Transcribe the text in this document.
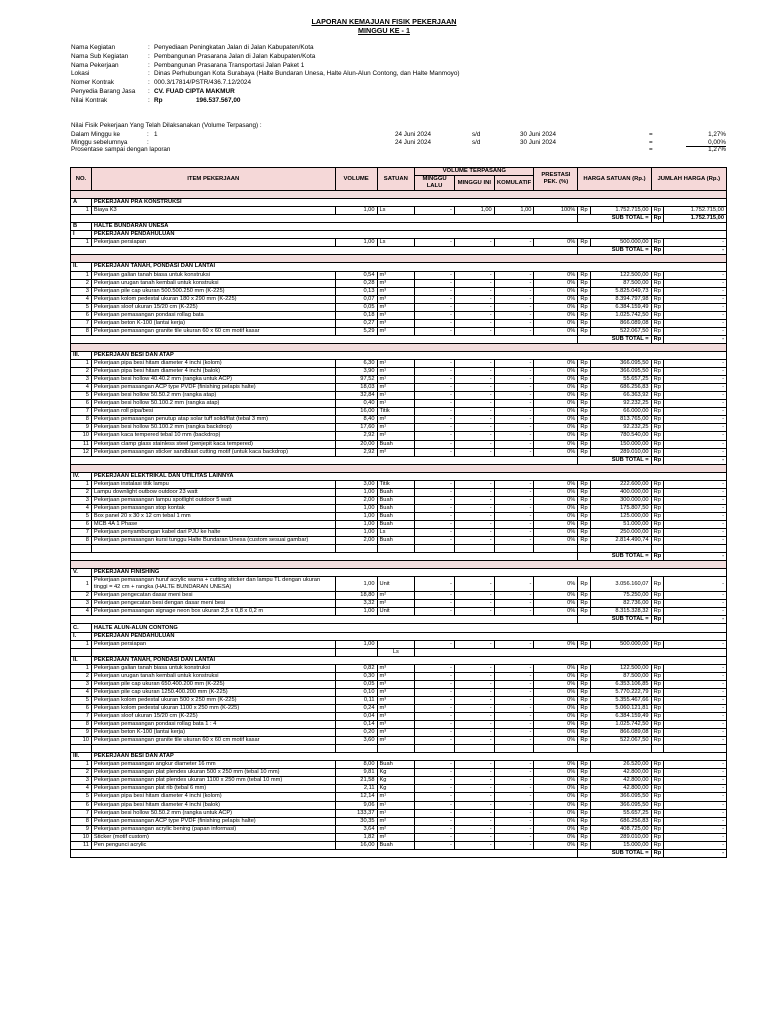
LAPORAN KEMAJUAN FISIK PEKERJAAN
MINGGU KE - 1
Nama Kegiatan	: Penyediaan Peningkatan Jalan di Jalan Kabupaten/Kota
Nama Sub Kegiatan	: Pembangunan Prasarana Jalan di Jalan Kabupaten/Kota
Nama Pekerjaan	: Pembangunan Prasarana Transportasi Jalan Paket 1
Lokasi	: Dinas Perhubungan Kota Surabaya (Halte Bundaran Unesa, Halte Alun-Alun Contong, dan Halte Manmoyo)
Nomer Kontrak	: 000.3/17814/PSTR/436.7.12/2024
Penyedia Barang Jasa : CV. FUAD CIPTA MAKMUR
Nilai Kontrak	: Rp	196.537.567,00
Nilai Fisik Pekerjaan Yang Telah Dilaksanakan (Volume Terpasang) :
Dalam Minggu ke	: 1	24 Juni 2024	s/d	30 Juni 2024	=	1,27%
Minggu sebelumnya	:	24 Juni 2024	s/d	30 Juni 2024	=	0,00%
Prosentase sampai dengan laporan	=	1,27%
NO.	ITEM PEKERJAAN	VOLUME	SATUAN	VOLUME TERPASANG			PRESTASI PEK. (%)	HARGA SATUAN (Rp.)		JUMLAH HARGA (Rp.)	
				MINGGU LALU	MINGGU INI	KOMULATIF					

A	PEKERJAAN PRA KONSTRUKSI										
1	Biaya K3	1,00	Ls	-	1,00	1,00	100%	Rp	1.752.715,00	Rp	1.752.715,00
								SUB TOTAL =		Rp	1.752.715,00
B	HALTE BUNDARAN UNESA										
I	PEKERJAAN PENDAHULUAN										
1	Pekerjaan persiapan	1,00	Ls	-	-	-	0%	Rp	500.000,00	Rp	-
								SUB TOTAL =		Rp	-

II.	PEKERJAAN TANAH, PONDASI DAN LANTAI										
1	Pekerjaan galian tanah biasa untuk konstruksi	0,54	m³	-	-	-	0%	Rp	122.500,00	Rp	-
2	Pekerjaan urugan tanah kembali untuk konstruksi	0,28	m³	-	-	-	0%	Rp	87.500,00	Rp	-
3	Pekerjaan pile cap ukuran 500.500.250 mm (K-225)	0,13	m³	-	-	-	0%	Rp	5.825.049,73	Rp	-
4	Pekerjaan kolom pedestal ukuran 180 x 290 mm (K-225)	0,07	m³	-	-	-	0%	Rp	8.394.797,98	Rp	-
5	Pekerjaan sloof ukuran 15/20 cm (K-225)	0,05	m³	-	-	-	0%	Rp	6.384.159,49	Rp	-
6	Pekerjaan pemasangan pondasi rollag bata	0,18	m³	-	-	-	0%	Rp	1.025.742,50	Rp	-
7	Pekerjaan beton K-100 (lantai kerja)	0,27	m³	-	-	-	0%	Rp	866.089,08	Rp	-
8	Pekerjaan pemasangan granite tile ukuran 60 x 60 cm motif kasar	5,29	m²	-	-	-	0%	Rp	522.067,50	Rp	-
								SUB TOTAL =		Rp	-

III.	PEKERJAAN BESI DAN ATAP										
1	Pekerjaan pipa besi hitam diameter 4 inchi (kolom)	6,30	m¹	-	-	-	0%	Rp	366.095,50	Rp	-
2	Pekerjaan pipa besi hitam diameter 4 inchi (balok)	3,90	m¹	-	-	-	0%	Rp	366.095,50	Rp	-
3	Pekerjaan besi hollow 40.40.2 mm (rangka untuk ACP)	97,52	m¹	-	-	-	0%	Rp	55.657,25	Rp	-
4	Pekerjaan pemasangan ACP type PVDF (finishing pelapis halte)	18,03	m²	-	-	-	0%	Rp	686.256,83	Rp	-
5	Pekerjaan besi hollow 50.50.2 mm (rangka atap)	32,84	m¹	-	-	-	0%	Rp	66.363,92	Rp	-
6	Pekerjaan besi hollow 50.100.2 mm (rangka atap)	0,40	m¹	-	-	-	0%	Rp	92.232,25	Rp	-
7	Pekerjaan roll pipa/besi	16,00	Titik	-	-	-	0%	Rp	66.000,00	Rp	-
8	Pekerjaan pemasangan penutup atap solar tuff solid/flat (tebal 3 mm)	8,40	m²	-	-	-	0%	Rp	813.765,00	Rp	-
9	Pekerjaan besi hollow 50.100.2 mm (rangka backdrop)	17,60	m¹	-	-	-	0%	Rp	92.232,25	Rp	-
10	Pekerjaan kaca tempered tebal 10 mm (backdrop)	2,92	m²	-	-	-	0%	Rp	780.540,00	Rp	-
11	Pekerjaan clamp glass stainless steel (penjepit kaca tempered)	20,00	Buah	-	-	-	0%	Rp	150.000,00	Rp	-
12	Pekerjaan pemasangan sticker sandblast cutting motif (untuk kaca backdrop)	2,92	m²	-	-	-	0%	Rp	289.010,00	Rp	-
								SUB TOTAL =		Rp	-

IV.	PEKERJAAN ELEKTRIKAL DAN UTILITAS LAINNYA										
1	Pekerjaan instalasi titik lampu	3,00	Titik	-	-	-	0%	Rp	222.600,00	Rp	-
2	Lampu downlight outbow outdoor 23 watt	1,00	Buah	-	-	-	0%	Rp	400.000,00	Rp	-
3	Pekerjaan pemasangan lampu spotlight outdoor 5 watt	2,00	Buah	-	-	-	0%	Rp	300.000,00	Rp	-
4	Pekerjaan pemasangan stop kontak	1,00	Buah	-	-	-	0%	Rp	175.807,50	Rp	-
5	Box panel 20 x 30 x 12 cm tebal 1 mm	1,00	Buah	-	-	-	0%	Rp	125.000,00	Rp	-
6	MCB 4A 1 Phase	1,00	Buah	-	-	-	0%	Rp	51.000,00	Rp	-
7	Pekerjaan penyambungan kabel dari PJU ke halte	1,00	Ls	-	-	-	0%	Rp	250.000,00	Rp	-
8	Pekerjaan pemasangan kursi tunggu Halte Bundaran Unesa (custom sesuai gambar)	2,00	Buah	-	-	-	0%	Rp	2.814.490,74	Rp	-

								SUB TOTAL =		Rp	-

V.	PEKERJAAN FINISHING										
1	Pekerjaan pemasangan huruf acrylic warna + cutting sticker dan lampu TL dengan ukuran tinggi = 42 cm + rangka (HALTE BUNDARAN UNESA)	1,00	Unit	-	-	-	0%	Rp	3.056.160,07	Rp	-
2	Pekerjaan pengecatan dasar meni besi	18,80	m²	-	-	-	0%	Rp	75.250,00	Rp	-
3	Pekerjaan pengecatan besi dengan dasar meni besi	3,32	m²	-	-	-	0%	Rp	82.736,00	Rp	-
4	Pekerjaan pemasangan signage neon box ukuran 2,5 x 0,8 x 0,2 m	1,00	Unit	-	-	-	0%	Rp	8.315.328,32	Rp	-
								SUB TOTAL =		Rp	-
C.	HALTE ALUN-ALUN CONTONG										
I.	PEKERJAAN PENDAHULUAN										
1	Pekerjaan persiapan	1,00		-	-	-	0%	Rp	500.000,00	Rp	-
			Ls								
II.	PEKERJAAN TANAH, PONDASI DAN LANTAI										
1	Pekerjaan galian tanah biasa untuk konstruksi	0,82	m³	-	-	-	0%	Rp	122.500,00	Rp	-
2	Pekerjaan urugan tanah kembali untuk konstruksi	0,30	m³	-	-	-	0%	Rp	87.500,00	Rp	-
3	Pekerjaan pile cap ukuran 650.400.200 mm (K-225)	0,05	m³	-	-	-	0%	Rp	6.353.106,85	Rp	-
4	Pekerjaan pile cap ukuran 1250.400.200 mm (K-225)	0,10	m³	-	-	-	0%	Rp	5.770.222,79	Rp	-
5	Pekerjaan kolom pedestal ukuran 500 x 250 mm (K-225)	0,11	m³	-	-	-	0%	Rp	5.355.467,66	Rp	-
6	Pekerjaan kolom pedestal ukuran 1100 x 250 mm (K-225)	0,24	m³	-	-	-	0%	Rp	5.060.121,81	Rp	-
7	Pekerjaan sloof ukuran 15/20 cm (K-225)	0,04	m³	-	-	-	0%	Rp	6.384.159,49	Rp	-
8	Pekerjaan pemasangan pondasi rollag bata 1 : 4	0,14	m³	-	-	-	0%	Rp	1.025.742,50	Rp	-
9	Pekerjaan beton K-100 (lantai kerja)	0,20	m³	-	-	-	0%	Rp	866.089,08	Rp	-
10	Pekerjaan pemasangan granite tile ukuran 60 x 60 cm motif kasar	3,60	m²	-	-	-	0%	Rp	522.067,50	Rp	-

III.	PEKERJAAN BESI DAN ATAP										
1	Pekerjaan pemasangan angkur diameter 16 mm	8,00	Buah	-	-	-	0%	Rp	26.520,00	Rp	-
2	Pekerjaan pemasangan plat plendes ukuran 500 x 250 mm (tebal 10 mm)	9,81	Kg	-	-	-	0%	Rp	42.800,00	Rp	-
3	Pekerjaan pemasangan plat plendes ukuran 1100 x 250 mm (tebal 10 mm)	21,58	Kg	-	-	-	0%	Rp	42.800,00	Rp	-
4	Pekerjaan pemasangan plat rib (tebal 6 mm)	2,11	Kg	-	-	-	0%	Rp	42.800,00	Rp	-
5	Pekerjaan pipa besi hitam diameter 4 inchi (kolom)	12,14	m¹	-	-	-	0%	Rp	366.095,50	Rp	-
6	Pekerjaan pipa besi hitam diameter 4 inchi (balok)	9,06	m¹	-	-	-	0%	Rp	366.095,50	Rp	-
7	Pekerjaan besi hollow 50.50.2 mm (rangka untuk ACP)	133,37	m¹	-	-	-	0%	Rp	55.657,25	Rp	-
8	Pekerjaan pemasangan ACP type PVDF (finishing pelapis halte)	30,35	m²	-	-	-	0%	Rp	686.256,83	Rp	-
9	Pekerjaan pemasangan acrylic bening (papan informasi)	3,64	m²	-	-	-	0%	Rp	408.725,00	Rp	-
10	Sticker (motif custom)	1,82	m²	-	-	-	0%	Rp	289.010,00	Rp	-
11	Pen pengunci acrylic	16,00	Buah	-	-	-	0%	Rp	15.000,00	Rp	-
								SUB TOTAL =		Rp	-
